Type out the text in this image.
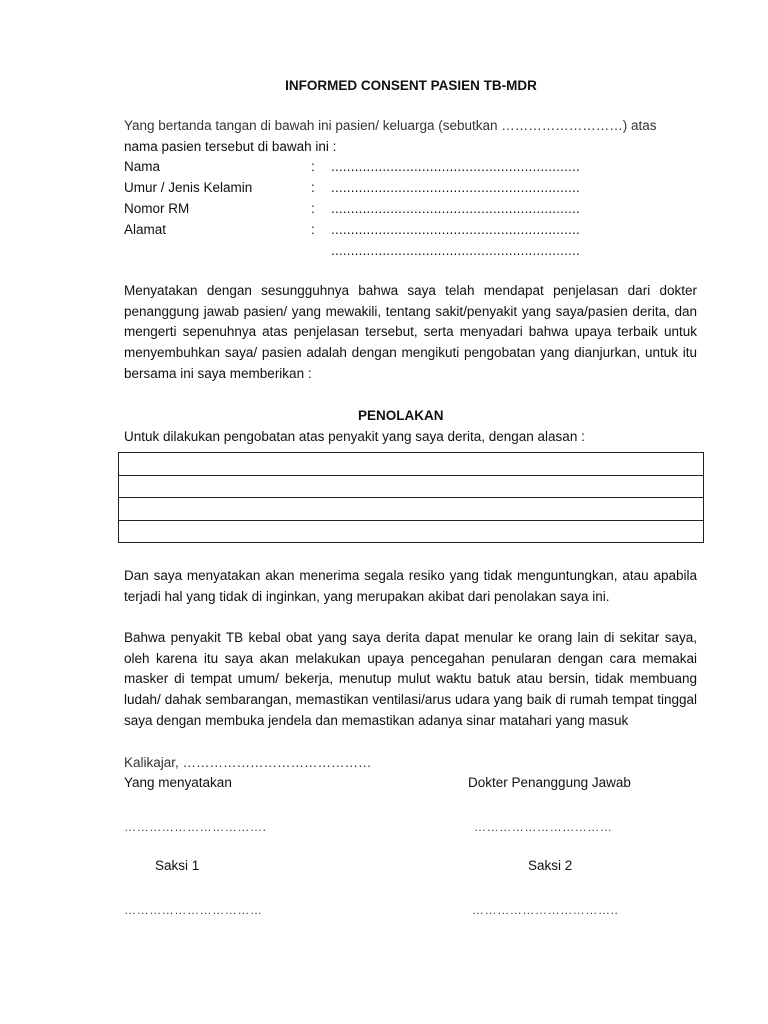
INFORMED CONSENT PASIEN TB-MDR
Yang bertanda tangan di bawah ini pasien/ keluarga (sebutkan ………………………) atas
nama pasien tersebut di bawah ini :
Nama	: ...............................................................
Umur / Jenis Kelamin	: ...............................................................
Nomor RM	: ...............................................................
Alamat	: ...............................................................
...............................................................

Menyatakan dengan sesungguhnya bahwa saya telah mendapat penjelasan dari dokter penanggung jawab pasien/ yang mewakili, tentang sakit/penyakit yang saya/pasien derita, dan mengerti sepenuhnya atas penjelasan tersebut, serta menyadari bahwa upaya terbaik untuk menyembuhkan saya/ pasien adalah dengan mengikuti pengobatan yang dianjurkan, untuk itu bersama ini saya memberikan :

PENOLAKAN
Untuk dilakukan pengobatan atas penyakit yang saya derita, dengan alasan :

Dan saya menyatakan akan menerima segala resiko yang tidak menguntungkan, atau apabila terjadi hal yang tidak di inginkan, yang merupakan akibat dari penolakan saya ini.

Bahwa penyakit TB kebal obat yang saya derita dapat menular ke orang lain di sekitar saya, oleh karena itu saya akan melakukan upaya pencegahan penularan dengan cara memakai masker di tempat umum/ bekerja, menutup mulut waktu batuk atau bersin, tidak membuang ludah/ dahak sembarangan, memastikan ventilasi/arus udara yang baik di rumah tempat tinggal saya dengan membuka jendela dan memastikan adanya sinar matahari yang masuk

Kalikajar, ……………………………………
Yang menyatakan	Dokter Penanggung Jawab
…………………………….	……………………………
Saksi 1	Saksi 2
……………………………	……………………………..
